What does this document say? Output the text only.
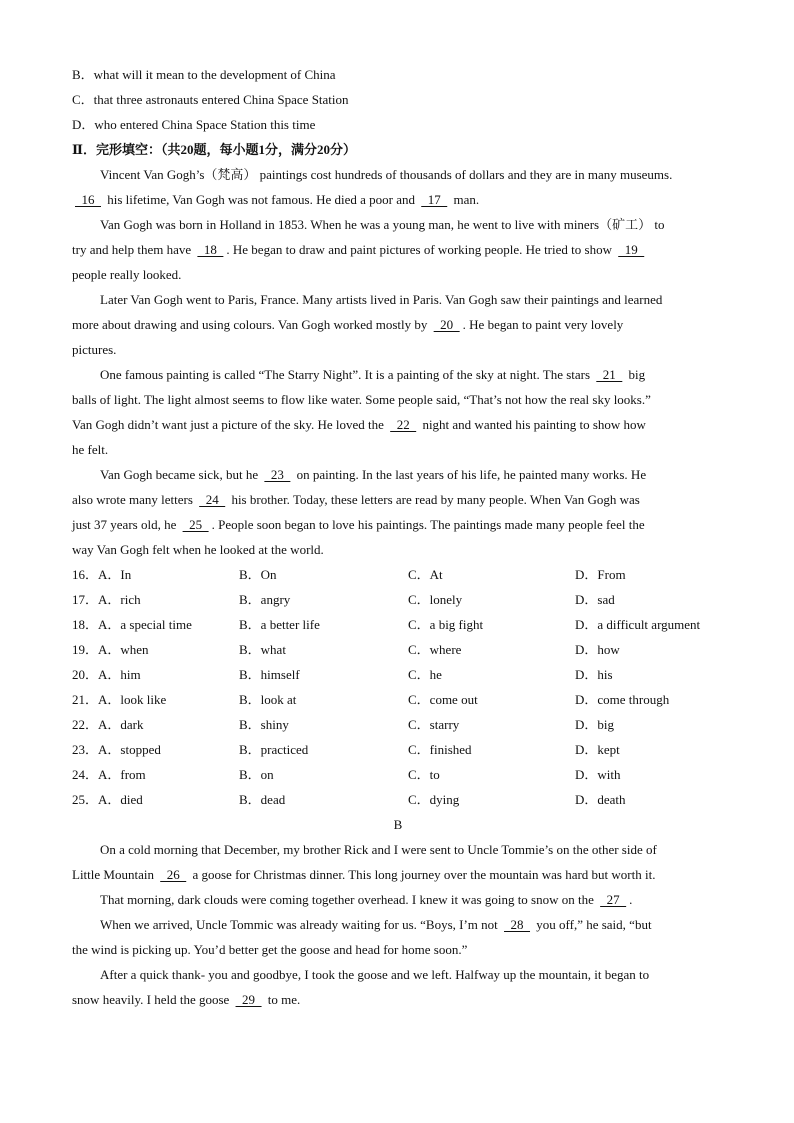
B．what will it mean to the development of China
C．that three astronauts entered China Space Station
D．who entered China Space Station this time
Ⅱ．完形填空：（共20题，每小题1分，满分20分）
Vincent Van Gogh’s（梵高） paintings cost hundreds of thousands of dollars and they are in many museums.
16   his lifetime, Van Gogh was not famous. He died a poor and   17   man.
Van Gogh was born in Holland in 1853. When he was a young man, he went to live with miners（矿工） to
try and help them have   18  . He began to draw and paint pictures of working people. He tried to show   19
people really looked.
Later Van Gogh went to Paris, France. Many artists lived in Paris. Van Gogh saw their paintings and learned
more about drawing and using colours. Van Gogh worked mostly by   20  . He began to paint very lovely
pictures.
One famous painting is called “The Starry Night”. It is a painting of the sky at night. The stars   21   big
balls of light. The light almost seems to flow like water. Some people said, “That’s not how the real sky looks.”
Van Gogh didn’t want just a picture of the sky. He loved the   22   night and wanted his painting to show how
he felt.
Van Gogh became sick, but he   23   on painting. In the last years of his life, he painted many works. He
also wrote many letters   24   his brother. Today, these letters are read by many people. When Van Gogh was
just 37 years old, he   25  . People soon began to love his paintings. The paintings made many people feel the
way Van Gogh felt when he looked at the world.
16．A．In	B．On	C．At	D．From
17．A．rich	B．angry	C．lonely	D．sad
18．A．a special time	B．a better life	C．a big fight	D．a difficult argument
19．A．when	B．what	C．where	D．how
20．A．him	B．himself	C．he	D．his
21．A．look like	B．look at	C．come out	D．come through
22．A．dark	B．shiny	C．starry	D．big
23．A．stopped	B．practiced	C．finished	D．kept
24．A．from	B．on	C．to	D．with
25．A．died	B．dead	C．dying	D．death
B
On a cold morning that December, my brother Rick and I were sent to Uncle Tommie’s on the other side of
Little Mountain   26   a goose for Christmas dinner. This long journey over the mountain was hard but worth it.
That morning, dark clouds were coming together overhead. I knew it was going to snow on the   27  .
When we arrived, Uncle Tommic was already waiting for us. “Boys, I’m not   28   you off,” he said, “but
the wind is picking up. You’d better get the goose and head for home soon.”
After a quick thank- you and goodbye, I took the goose and we left. Halfway up the mountain, it began to
snow heavily. I held the goose   29   to me.
